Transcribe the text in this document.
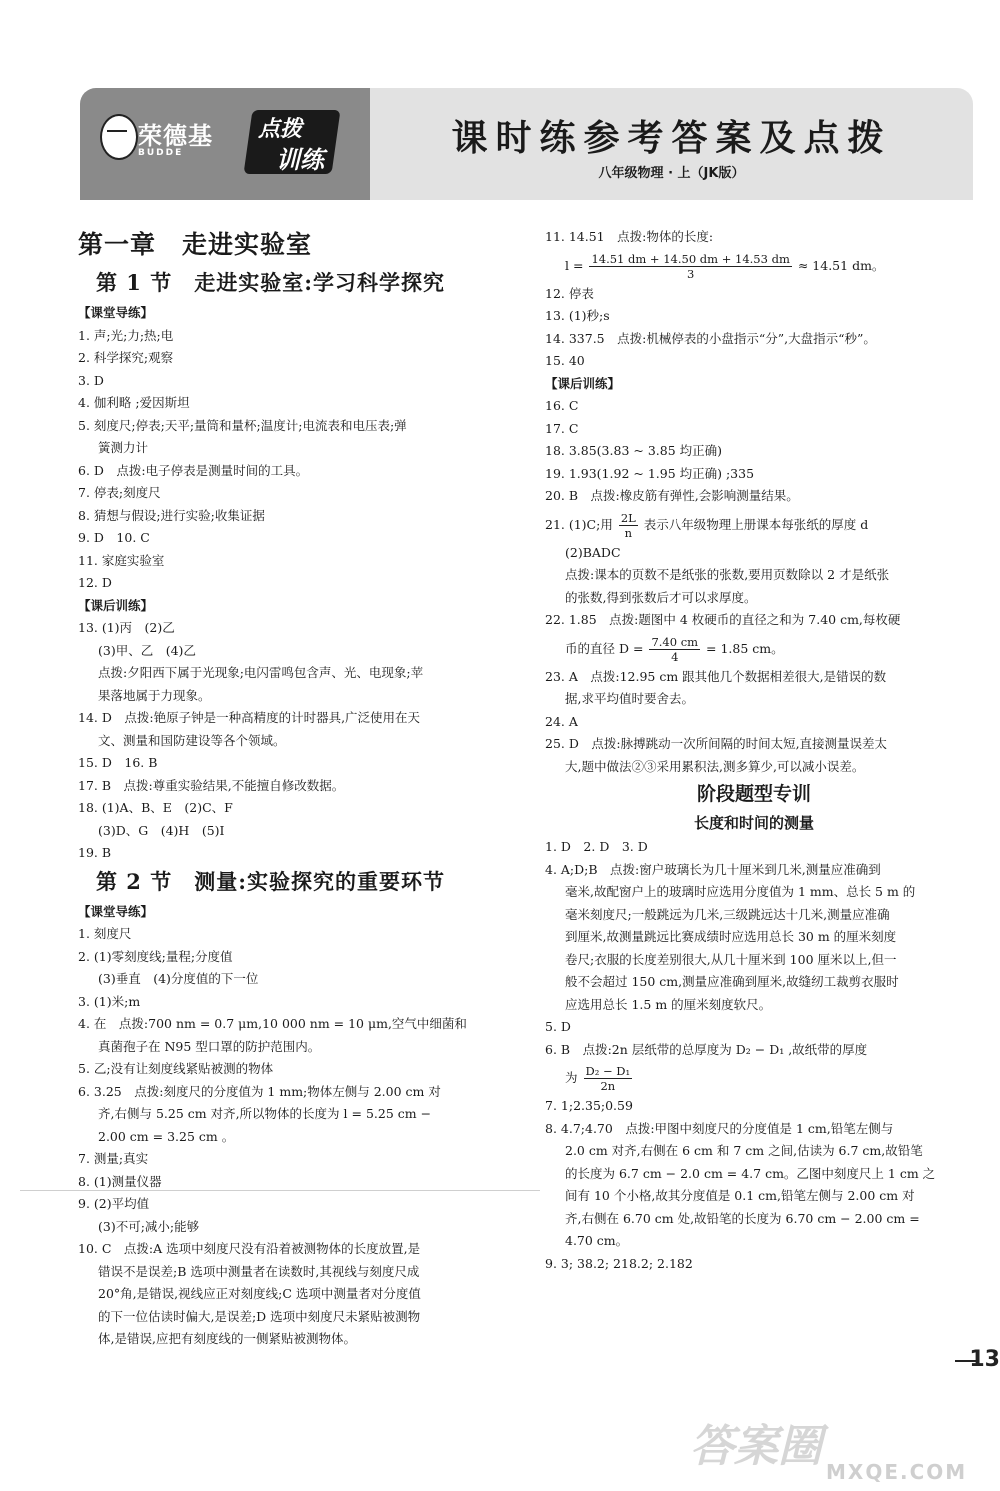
荣德基
BUDDE
点拨
训练
课时练参考答案及点拨
八年级物理 · 上（JK版）
第一章　走进实验室
第 1 节　走进实验室:学习科学探究
【课堂导练】
1. 声;光;力;热;电
2. 科学探究;观察
3. D
4. 伽利略 ;爱因斯坦
5. 刻度尺;停表;天平;量筒和量杯;温度计;电流表和电压表;弹
簧测力计
6. D　点拨:电子停表是测量时间的工具。
7. 停表;刻度尺
8. 猜想与假设;进行实验;收集证据
9. D　10. C
11. 家庭实验室
12. D
【课后训练】
13. (1)丙　(2)乙
(3)甲、乙　(4)乙
点拨:夕阳西下属于光现象;电闪雷鸣包含声、光、电现象;苹
果落地属于力现象。
14. D　点拨:铯原子钟是一种高精度的计时器具,广泛使用在天
文、测量和国防建设等各个领域。
15. D　16. B
17. B　点拨:尊重实验结果,不能擅自修改数据。
18. (1)A、B、E　(2)C、F
(3)D、G　(4)H　(5)I
19. B
第 2 节　测量:实验探究的重要环节
【课堂导练】
1. 刻度尺
2. (1)零刻度线;量程;分度值
(3)垂直　(4)分度值的下一位
3. (1)米;m
4. 在　点拨:700 nm = 0.7 μm,10 000 nm = 10 μm,空气中细菌和
真菌孢子在 N95 型口罩的防护范围内。
5. 乙;没有让刻度线紧贴被测的物体
6. 3.25　点拨:刻度尺的分度值为 1 mm;物体左侧与 2.00 cm 对
齐,右侧与 5.25 cm 对齐,所以物体的长度为 l = 5.25 cm −
2.00 cm = 3.25 cm 。
7. 测量;真实
8. (1)测量仪器
9. (2)平均值
(3)不可;减小;能够
10. C　点拨:A 选项中刻度尺没有沿着被测物体的长度放置,是
错误不是误差;B 选项中测量者在读数时,其视线与刻度尺成
20°角,是错误,视线应正对刻度线;C 选项中测量者对分度值
的下一位估读时偏大,是误差;D 选项中刻度尺未紧贴被测物
体,是错误,应把有刻度线的一侧紧贴被测物体。
11. 14.51　点拨:物体的长度:
$l = \frac{14.51 dm + 14.50 dm + 14.53 dm}{3} \approx 14.51$ dm。
12. 停表
13. (1)秒;s
14. 337.5　点拨:机械停表的小盘指示“分”,大盘指示“秒”。
15. 40
【课后训练】
16. C
17. C
18. 3.85(3.83 ~ 3.85 均正确)
19. 1.93(1.92 ~ 1.95 均正确) ;335
20. B　点拨:橡皮筋有弹性,会影响测量结果。
21. (1)C;用 $\frac{2L}{n}$ 表示八年级物理上册课本每张纸的厚度 d
(2)BADC
点拨:课本的页数不是纸张的张数,要用页数除以 2 才是纸张
的张数,得到张数后才可以求厚度。
22. 1.85　点拨:题图中 4 枚硬币的直径之和为 7.40 cm,每枚硬
币的直径 $D = \frac{7.40 cm}{4} = 1.85$ cm。
23. A　点拨:12.95 cm 跟其他几个数据相差很大,是错误的数
据,求平均值时要舍去。
24. A
25. D　点拨:脉搏跳动一次所间隔的时间太短,直接测量误差太
大,题中做法②③采用累积法,测多算少,可以减小误差。
阶段题型专训
长度和时间的测量
1. D　2. D　3. D
4. A;D;B　点拨:窗户玻璃长为几十厘米到几米,测量应准确到
毫米,故配窗户上的玻璃时应选用分度值为 1 mm、总长 5 m 的
毫米刻度尺;一般跳远为几米,三级跳远达十几米,测量应准确
到厘米,故测量跳远比赛成绩时应选用总长 30 m 的厘米刻度
卷尺;衣服的长度差别很大,从几十厘米到 100 厘米以上,但一
般不会超过 150 cm,测量应准确到厘米,故缝纫工裁剪衣服时
应选用总长 1.5 m 的厘米刻度软尺。
5. D
6. B　点拨:2n 层纸带的总厚度为 D₂ − D₁ ,故纸带的厚度
为 $\frac{\text{D₂ − D₁}}{2n}$
7. 1;2.35;0.59
8. 4.7;4.70　点拨:甲图中刻度尺的分度值是 1 cm,铅笔左侧与
2.0 cm 对齐,右侧在 6 cm 和 7 cm 之间,估读为 6.7 cm,故铅笔
的长度为 6.7 cm − 2.0 cm = 4.7 cm。乙图中刻度尺上 1 cm 之
间有 10 个小格,故其分度值是 0.1 cm,铅笔左侧与 2.00 cm 对
齐,右侧在 6.70 cm 处,故铅笔的长度为 6.70 cm − 2.00 cm =
4.70 cm。
9. 3; 38.2; 218.2; 2.182
13
答案圈 MXQE.COM
